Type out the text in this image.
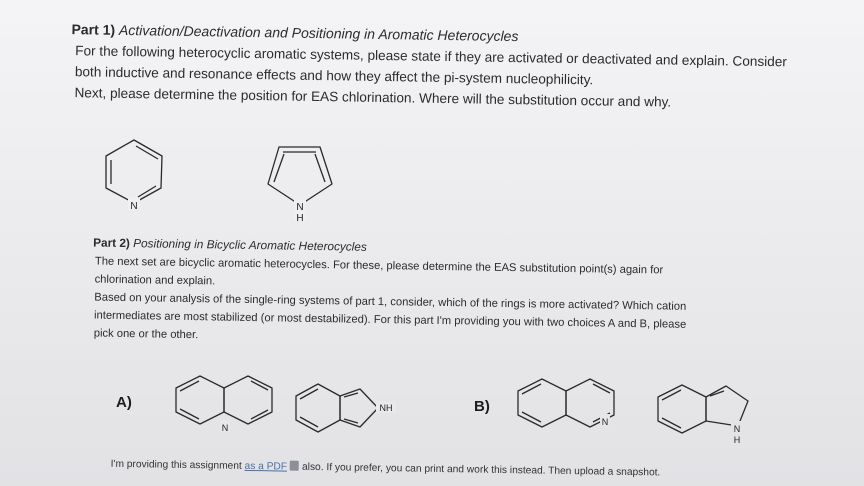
Part 1) Activation/Deactivation and Positioning in Aromatic Heterocycles
For the following heterocyclic aromatic systems, please state if they are activated or deactivated and explain. Consider
both inductive and resonance effects and how they affect the pi-system nucleophilicity.
Next, please determine the position for EAS chlorination. Where will the substitution occur and why.
Part 2) Positioning in Bicyclic Aromatic Heterocycles
The next set are bicyclic aromatic heterocycles. For these, please determine the EAS substitution point(s) again for
chlorination and explain.
Based on your analysis of the single-ring systems of part 1, consider, which of the rings is more activated? Which cation
intermediates are most stabilized (or most destabilized). For this part I'm providing you with two choices A and B, please
pick one or the other.
I'm providing this assignment as a PDF also. If you prefer, you can print and work this instead. Then upload a snapshot.
A)	B)
N	N
H
N
NH
N
N
H
